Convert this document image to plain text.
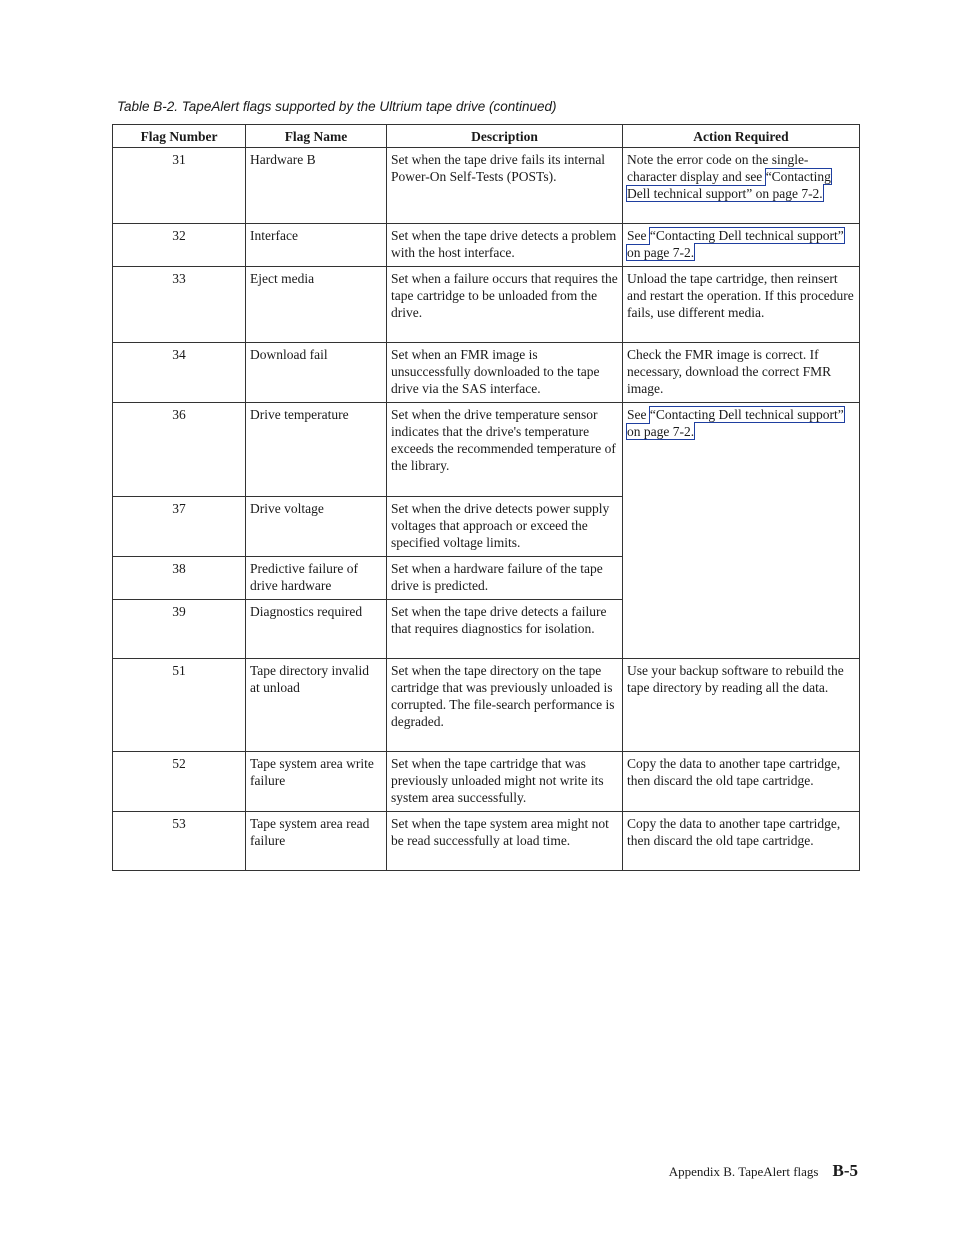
Table B-2. TapeAlert flags supported by the Ultrium tape drive (continued)
Flag Number	Flag Name	Description	Action Required
31	Hardware B	Set when the tape drive fails its internal Power-On Self-Tests (POSTs).	Note the error code on the single-character display and see “Contacting Dell technical support” on page 7-2.
32	Interface	Set when the tape drive detects a problem with the host interface.	See “Contacting Dell technical support” on page 7-2.
33	Eject media	Set when a failure occurs that requires the tape cartridge to be unloaded from the drive.	Unload the tape cartridge, then reinsert and restart the operation. If this procedure fails, use different media.
34	Download fail	Set when an FMR image is unsuccessfully downloaded to the tape drive via the SAS interface.	Check the FMR image is correct. If necessary, download the correct FMR image.
36	Drive temperature	Set when the drive temperature sensor indicates that the drive's temperature exceeds the recommended temperature of the library.	See “Contacting Dell technical support” on page 7-2.
37	Drive voltage	Set when the drive detects power supply voltages that approach or exceed the specified voltage limits.	
38	Predictive failure of drive hardware	Set when a hardware failure of the tape drive is predicted.	
39	Diagnostics required	Set when the tape drive detects a failure that requires diagnostics for isolation.	
51	Tape directory invalid at unload	Set when the tape directory on the tape cartridge that was previously unloaded is corrupted. The file-search performance is degraded.	Use your backup software to rebuild the tape directory by reading all the data.
52	Tape system area write failure	Set when the tape cartridge that was previously unloaded might not write its system area successfully.	Copy the data to another tape cartridge, then discard the old tape cartridge.
53	Tape system area read failure	Set when the tape system area might not be read successfully at load time.	Copy the data to another tape cartridge, then discard the old tape cartridge.
Appendix B. TapeAlert flags B-5
